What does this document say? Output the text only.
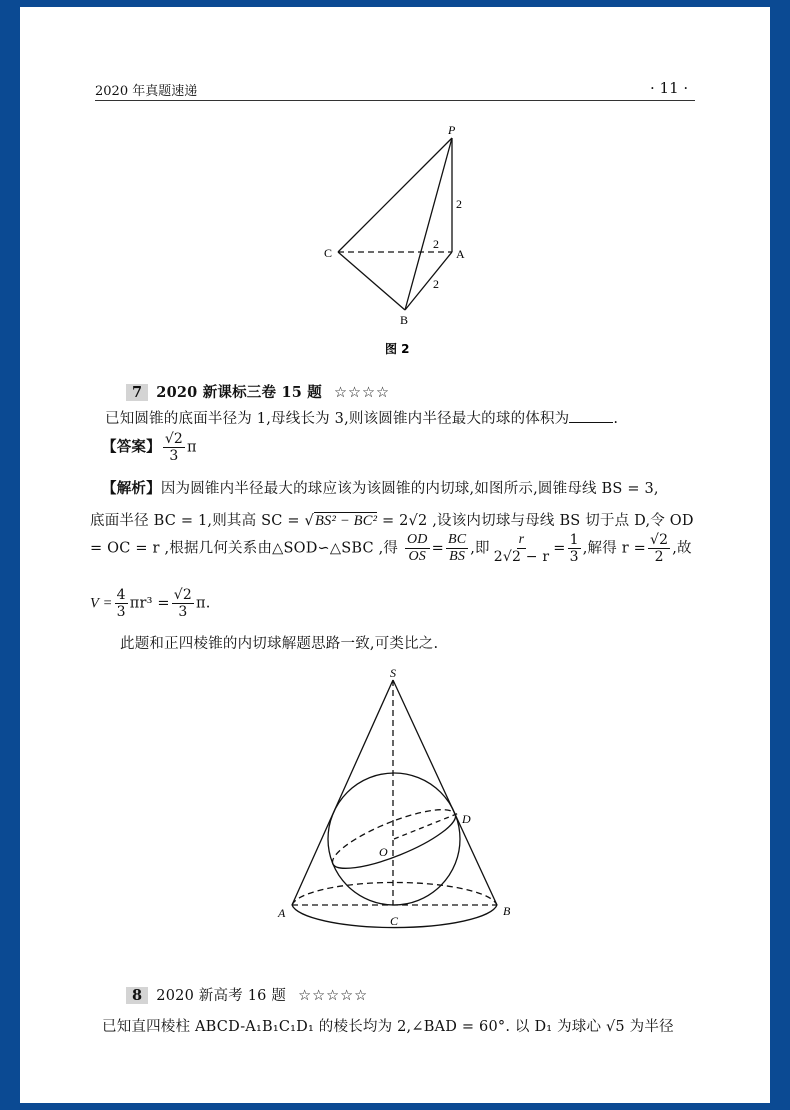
2020 年真题速递	· 11 ·
P
C	A
B
2
2
2
图 2
7 2020 新课标三卷 15 题 ☆☆☆☆
已知圆锥的底面半径为 1,母线长为 3,则该圆锥内半径最大的球的体积为	.
【答案】 $\frac{√2}{3}$ π
【解析】因为圆锥内半径最大的球应该为该圆锥的内切球,如图所示,圆锥母线 BS = 3,
底面半径 BC = 1,则其高 SC = √BS² − BC² = 2√2 ,设该内切球与母线 BS 切于点 D,令 OD
= OC = r ,根据几何关系由△SOD∽△SBC ,得 $\frac{OD}{OS} = \frac{BC}{BS}$ ,即 $\frac{r}{2√2 - r} = \frac{1}{3}$ ,解得 $r = \frac{√2}{2}$ ,故
$V = \frac{4}{3} \pi r^3 = \frac{√2}{3} \pi$.
此题和正四棱锥的内切球解题思路一致,可类比之.
S
D
O
A
C
B
8 2020 新高考 16 题 ☆☆☆☆☆
已知直四棱柱 ABCD-A₁B₁C₁D₁ 的棱长均为 2,∠BAD = 60°. 以 D₁ 为球心 √5 为半径
